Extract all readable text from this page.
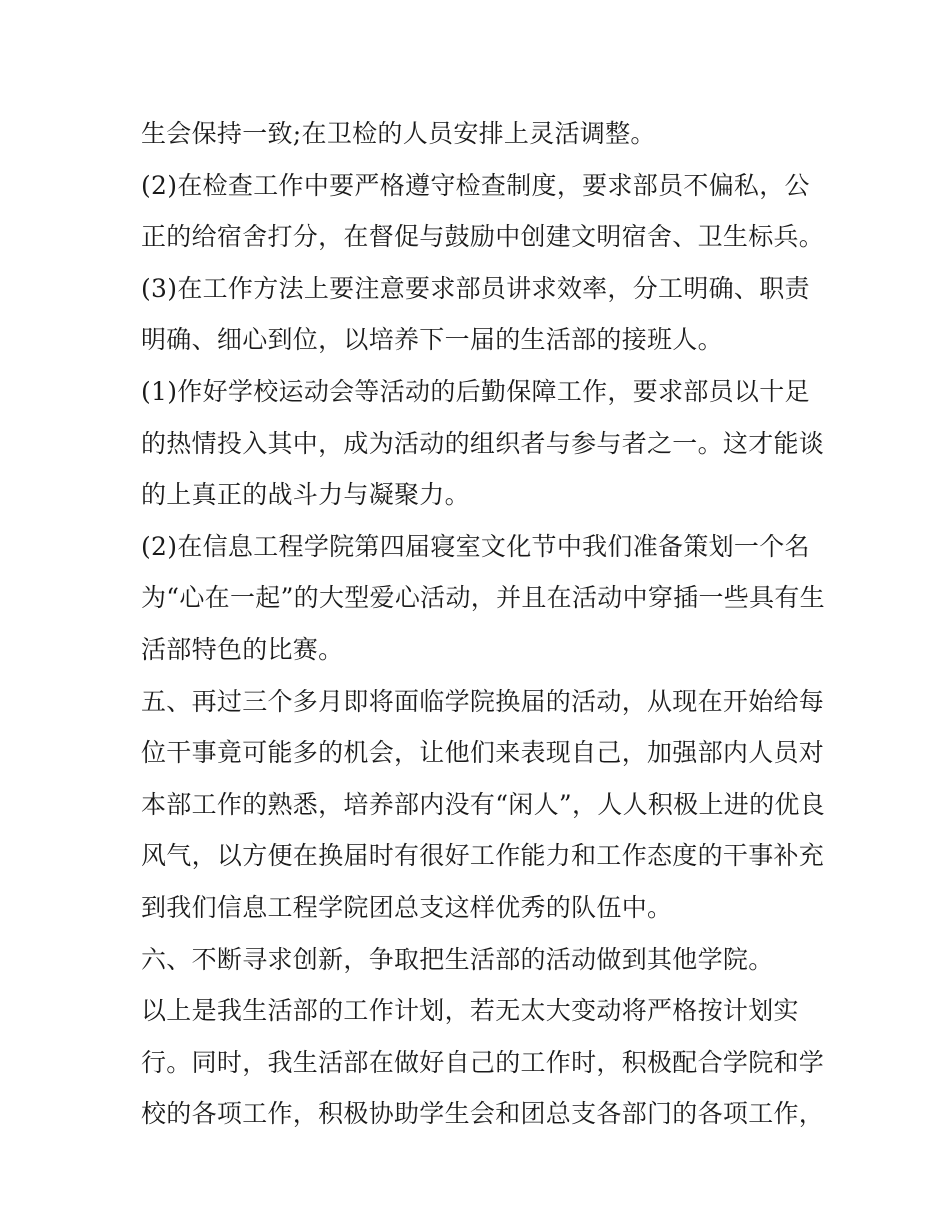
生会保持一致;在卫检的人员安排上灵活调整。
(2)在检查工作中要严格遵守检查制度，要求部员不偏私，公
正的给宿舍打分，在督促与鼓励中创建文明宿舍、卫生标兵。
(3)在工作方法上要注意要求部员讲求效率，分工明确、职责
明确、细心到位，以培养下一届的生活部的接班人。
(1)作好学校运动会等活动的后勤保障工作，要求部员以十足
的热情投入其中，成为活动的组织者与参与者之一。这才能谈
的上真正的战斗力与凝聚力。
(2)在信息工程学院第四届寝室文化节中我们准备策划一个名
为“心在一起”的大型爱心活动，并且在活动中穿插一些具有生
活部特色的比赛。
五、再过三个多月即将面临学院换届的活动，从现在开始给每
位干事竟可能多的机会，让他们来表现自己，加强部内人员对
本部工作的熟悉，培养部内没有“闲人”，人人积极上进的优良
风气，以方便在换届时有很好工作能力和工作态度的干事补充
到我们信息工程学院团总支这样优秀的队伍中。
六、不断寻求创新，争取把生活部的活动做到其他学院。
以上是我生活部的工作计划，若无太大变动将严格按计划实
行。同时，我生活部在做好自己的工作时，积极配合学院和学
校的各项工作，积极协助学生会和团总支各部门的各项工作，
